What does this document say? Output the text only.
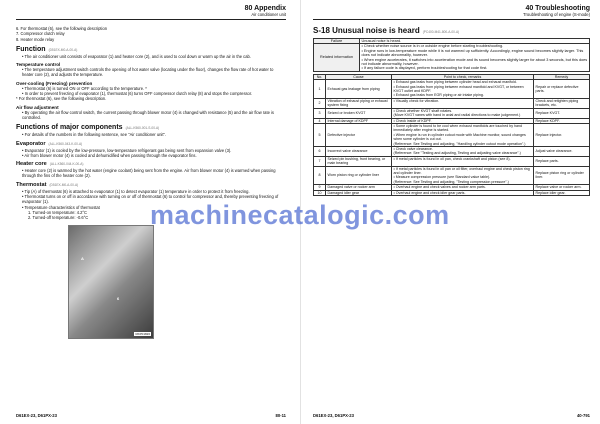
80 Appendix
Air conditioner unit
6. For thermostat (6), see the following description
7. Compressor clutch relay
8. Heater mode relay
Function (D51EX-M0-A-00-A)
• The air conditioner unit consists of evaporator (1) and heater core (2), and is used to cool down or warm up the air in the cab.
Temperature control
• The temperature adjustment switch controls the opening of hot water valve (locating under the floor), changes the flow rate of hot water to heater core (2), and adjusts the temperature.
Over-cooling (Freezing) prevention
• Thermostat (6) is turned ON or OFF according to the temperature. *
• In order to prevent freezing of evaporator (1), thermostat (6) turns OFF compressor clutch relay (8) and stops the compressor.
* For thermostat (6), see the following description.
Air flow adjustment
• By operating the air flow control switch, the current passing through blower motor (4) is changed with resistance (5) and the air flow rate is controlled.
Functions of major components (ALL-K560-001-S-00-A)
• For details of the numbers in the following sentence, see "Air conditioner unit".
Evaporator (ALL-K560-043-K-00-A)
• Evaporator (1) is cooled by the low-pressure, low-temperature refrigerant gas being sent from expansion valve (3).
• Air from blower motor (4) is cooled and dehumidified when passing through the evaporator fins.
Heater core (ALL-K560-044-K-00-A)
• Heater core (2) is warmed by the hot water (engine coolant) being sent from the engine. Air from blower motor (4) is warmed when passing through the fins of the heater core (2).
Thermostat (D51EX-M0-A-00-A)
• Tip (A) of thermostat (6) is attached to evaporator (1) to detect evaporator (1) temperature in order to protect it from freezing.
• Thermostat turns on or off in accordance with turning on or off of thermostat (6) to control for compressor and, thereby preventing freezing of evaporator (1).
• Temperature characteristics of thermostat
1. Turned-on temperature: 4.2°C
2. Turned-off temperature: -0.6°C
A
6
RKP01826
D61EX-23, D61PX-23	80-11
40 Troubleshooting
Troubleshooting of engine (S-mode)
S-18 Unusual noise is heard (PC400-M41-800-A-00-A)
Failure	Unusual noise is heard.
Related information	• Check whether noise source is in or outside engine before starting troubleshooting.
• Engine runs in low-temperature mode while it is not warmed up sufficiently. Accordingly, engine sound becomes slightly larger. This does not indicate abnormality, however.
• When engine accelerates, it switches into acceleration mode and its sound becomes slightly larger for about 3 seconds, but this does not indicate abnormality, however.
• If any failure code is displayed, perform troubleshooting for that code first.
No.	Cause	Point to check, remarks	Remedy
1	Exhaust gas leakage from piping	• Exhaust gas leaks from piping between cylinder head and exhaust manifold.
• Exhaust gas leaks from piping between exhaust manifold and KVGT, or between KVGT outlet and KDPF.
• Exhaust gas leaks from EGR piping or air intake piping.	Repair or replace defective parts.
2	Vibration of exhaust piping or exhaust system fixing	• Visually check for vibration.	Check and retighten piping brackets, etc.
3	Seized or broken KVGT	• Check whether KVGT shaft rotates.
(Move KVGT vanes with hand in axial and radial directions to make judgement.)	Replace KVGT.
4	Internal damage of KDPF	• Check inside of KDPF.	Replace KDPF.
5	Defective injector	• Some cylinder is found to be cool when exhaust manifolds are touched by hand immediately after engine is started.
• When engine is run in cylinder cutout mode with Machine monitor, sound changes when some cylinder is cut out.
(Reference: See Testing and adjusting, "Handling cylinder cutout mode operation".)	Replace injector.
6	Incorrect valve clearance	• Check valve clearance.
(Reference: See "Testing and adjusting, Testing and adjusting valve clearance".)	Adjust valve clearance.
7	Seized pin bushing, front bearing, or main bearing	• If metal particles is found in oil pan, check crankshaft and piston (see 8).	Replace parts.
8	Worn piston ring or cylinder liner	• If metal particles is found in oil pan or oil filter, overhaul engine and check piston ring and cylinder liner.
• Measure compression pressure (see Standard value table).
(Reference: See Testing and adjusting, "Testing compression pressure".)	Replace piston ring or cylinder liner.
9	Damaged valve or rocker arm	• Overhaul engine and check valves and rocker arm parts.	Replace valve or rocker arm.
10	Damaged idler gear	• Overhaul engine and check idler gear parts.	Replace idler gear.
D61EX-23, D61PX-23	40-791
machinecatalogic.com
